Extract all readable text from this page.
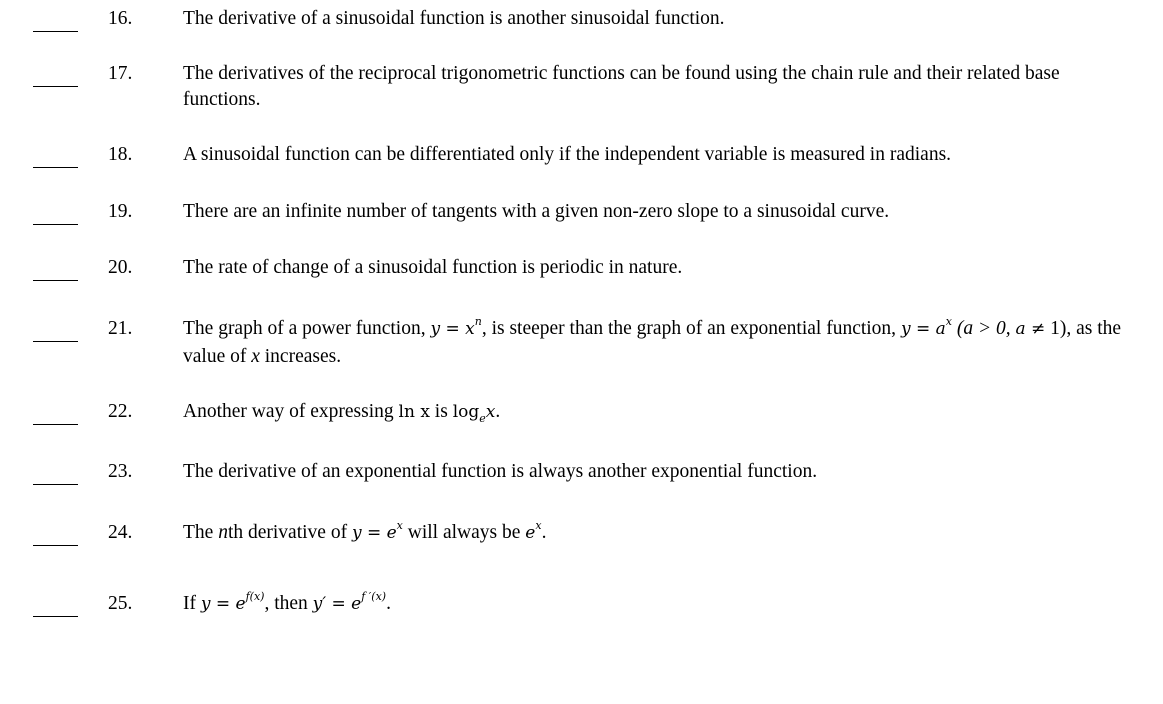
16.	The derivative of a sinusoidal function is another sinusoidal function.
17.	The derivatives of the reciprocal trigonometric functions can be found using the chain rule and their related base functions.
18.	A sinusoidal function can be differentiated only if the independent variable is measured in radians.
19.	There are an infinite number of tangents with a given non-zero slope to a sinusoidal curve.
20.	The rate of change of a sinusoidal function is periodic in nature.
21.	The graph of a power function, $y = x^n$, is steeper than the graph of an exponential function, $y = a^x$ (a > 0, a ≠ 1), as the value of x increases.
22.	Another way of expressing ln x is $\log_ex$.
23.	The derivative of an exponential function is always another exponential function.
24.	The nth derivative of $y = e^x$ will always be $e^x$.
25.	If $y = e^{f(x)}$, then $y' = e^{f '(x)}$.
